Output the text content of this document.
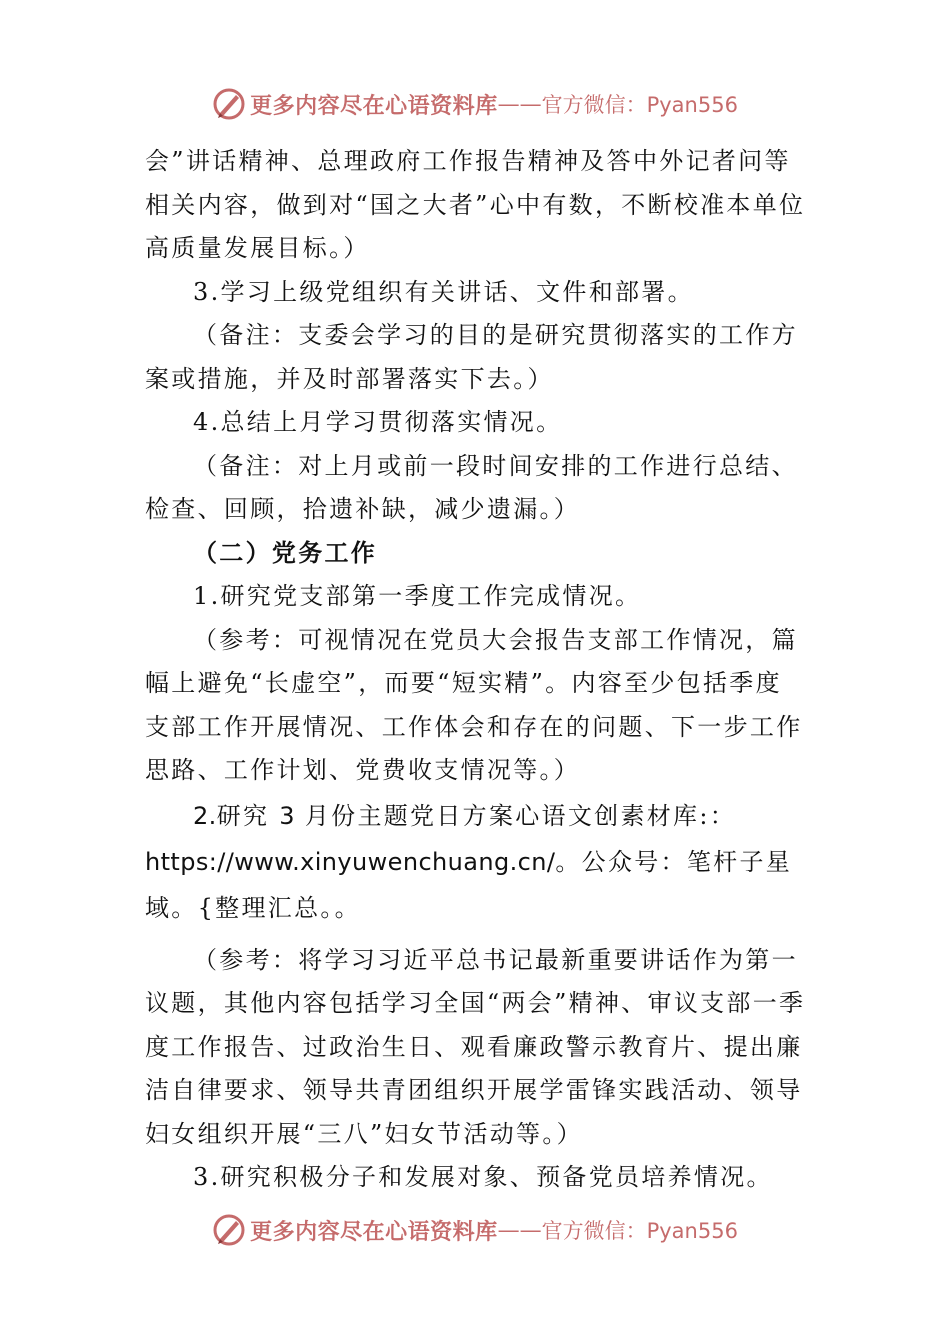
更多内容尽在心语资料库 —— 官方微信：Pyan556

会”讲话精神、总理政府工作报告精神及答中外记者问等相关内容，做到对“国之大者”心中有数，不断校准本单位高质量发展目标。）

3.学习上级党组织有关讲话、文件和部署。

（备注：支委会学习的目的是研究贯彻落实的工作方案或措施，并及时部署落实下去。）

4.总结上月学习贯彻落实情况。

（备注：对上月或前一段时间安排的工作进行总结、检查、回顾，拾遗补缺，减少遗漏。）

（二）党务工作

1.研究党支部第一季度工作完成情况。

（参考：可视情况在党员大会报告支部工作情况，篇幅上避免“长虚空”，而要“短实精”。内容至少包括季度支部工作开展情况、工作体会和存在的问题、下一步工作思路、工作计划、党费收支情况等。）

2.研究 3 月份主题党日方案心语文创素材库:：https://www.xinyuwenchuang.cn/。公众号：笔杆子星域。{整理汇总。。

（参考：将学习习近平总书记最新重要讲话作为第一议题，其他内容包括学习全国“两会”精神、审议支部一季度工作报告、过政治生日、观看廉政警示教育片、提出廉洁自律要求、领导共青团组织开展学雷锋实践活动、领导妇女组织开展“三八”妇女节活动等。）

3.研究积极分子和发展对象、预备党员培养情况。

更多内容尽在心语资料库 —— 官方微信：Pyan556
